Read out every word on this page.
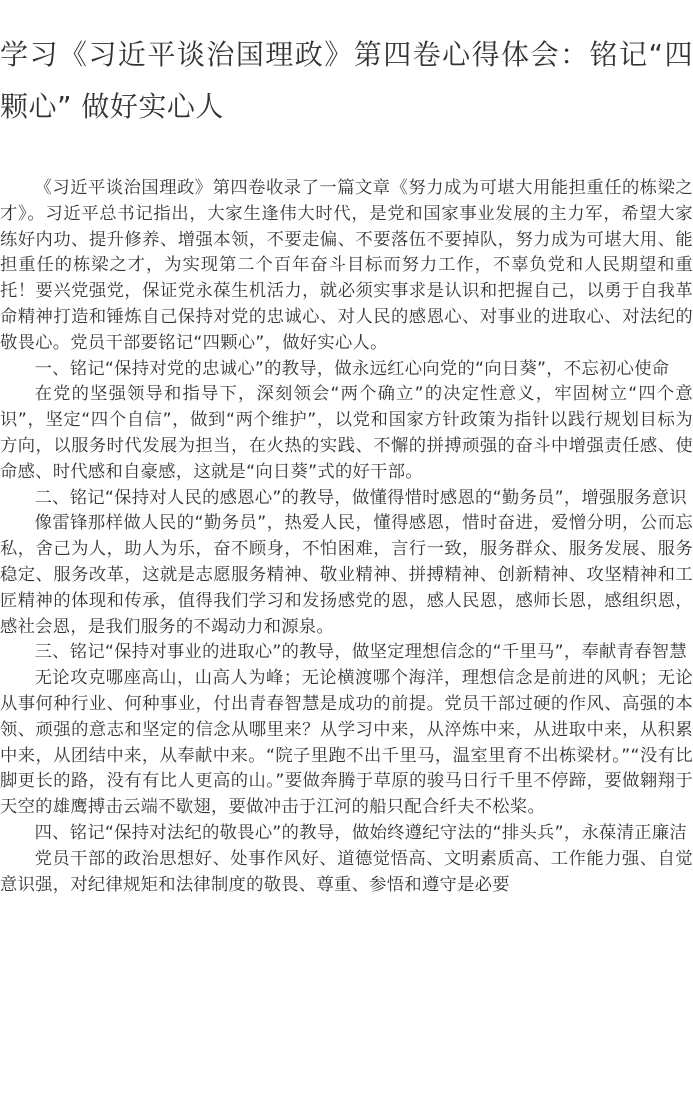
学习《习近平谈治国理政》第四卷心得体会：铭记“四颗心” 做好实心人

《习近平谈治国理政》第四卷收录了一篇文章《努力成为可堪大用能担重任的栋梁之才》。习近平总书记指出，大家生逢伟大时代，是党和国家事业发展的主力军，希望大家练好内功、提升修养、增强本领，不要走偏、不要落伍不要掉队，努力成为可堪大用、能担重任的栋梁之才，为实现第二个百年奋斗目标而努力工作，不辜负党和人民期望和重托！要兴党强党，保证党永葆生机活力，就必须实事求是认识和把握自己，以勇于自我革命精神打造和锤炼自己保持对党的忠诚心、对人民的感恩心、对事业的进取心、对法纪的敬畏心。党员干部要铭记“四颗心”，做好实心人。

一、铭记“保持对党的忠诚心”的教导，做永远红心向党的“向日葵”，不忘初心使命

在党的坚强领导和指导下，深刻领会“两个确立”的决定性意义，牢固树立“四个意识”，坚定“四个自信”，做到“两个维护”，以党和国家方针政策为指针以践行规划目标为方向，以服务时代发展为担当，在火热的实践、不懈的拼搏顽强的奋斗中增强责任感、使命感、时代感和自豪感，这就是“向日葵”式的好干部。

二、铭记“保持对人民的感恩心”的教导，做懂得惜时感恩的“勤务员”，增强服务意识

像雷锋那样做人民的“勤务员”，热爱人民，懂得感恩，惜时奋进，爱憎分明，公而忘私，舍己为人，助人为乐，奋不顾身，不怕困难，言行一致，服务群众、服务发展、服务稳定、服务改革，这就是志愿服务精神、敬业精神、拼搏精神、创新精神、攻坚精神和工匠精神的体现和传承，值得我们学习和发扬感党的恩，感人民恩，感师长恩，感组织恩，感社会恩，是我们服务的不竭动力和源泉。

三、铭记“保持对事业的进取心”的教导，做坚定理想信念的“千里马”，奉献青春智慧

无论攻克哪座高山，山高人为峰；无论横渡哪个海洋，理想信念是前进的风帆；无论从事何种行业、何种事业，付出青春智慧是成功的前提。党员干部过硬的作风、高强的本领、顽强的意志和坚定的信念从哪里来？从学习中来，从淬炼中来，从进取中来，从积累中来，从团结中来，从奉献中来。“院子里跑不出千里马，温室里育不出栋梁材。”“没有比脚更长的路，没有有比人更高的山。”要做奔腾于草原的骏马日行千里不停蹄，要做翱翔于天空的雄鹰搏击云端不歇翅，要做冲击于江河的船只配合纤夫不松桨。

四、铭记“保持对法纪的敬畏心”的教导，做始终遵纪守法的“排头兵”，永葆清正廉洁

党员干部的政治思想好、处事作风好、道德觉悟高、文明素质高、工作能力强、自觉意识强，对纪律规矩和法律制度的敬畏、尊重、参悟和遵守是必要
